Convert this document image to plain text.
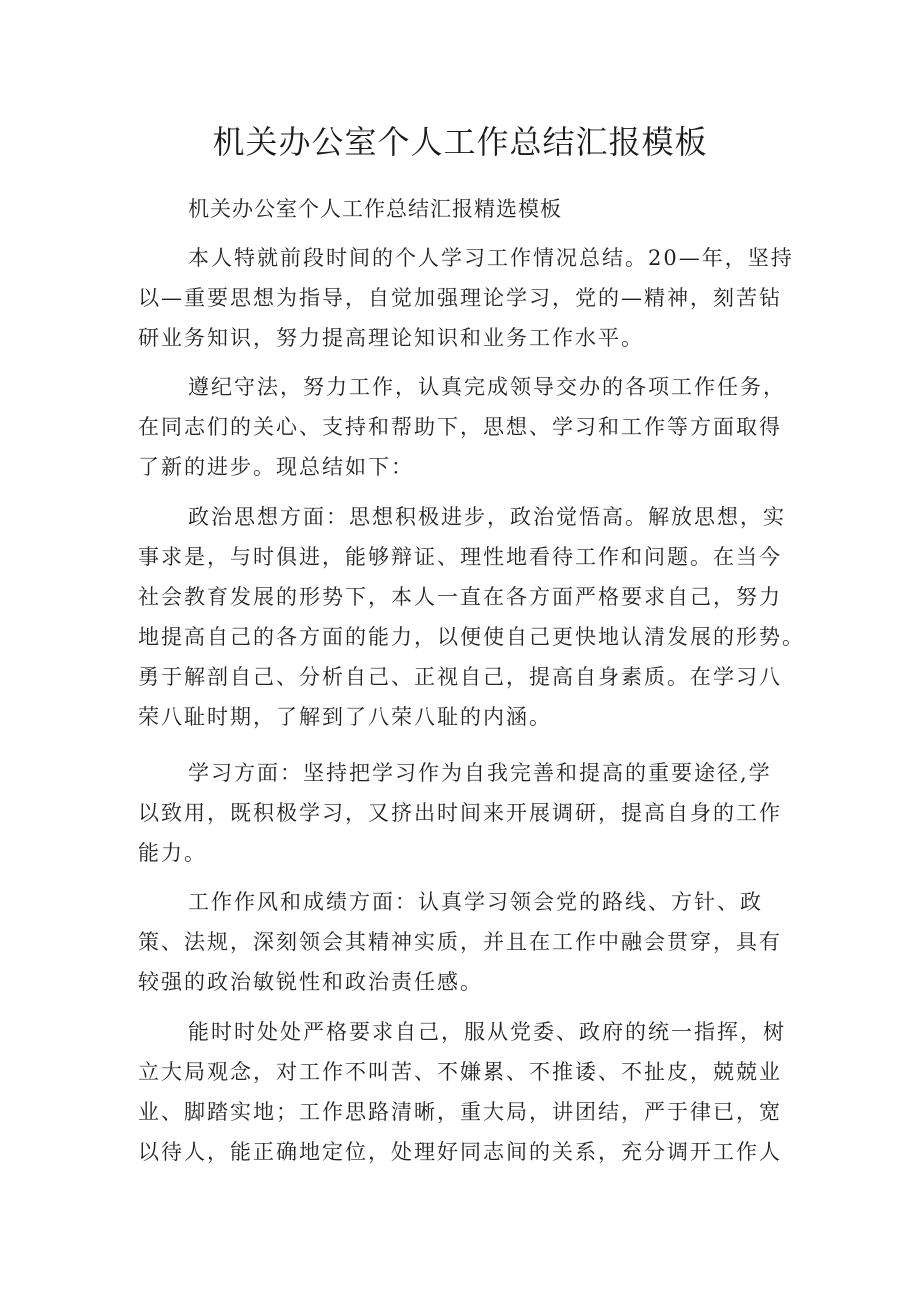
机关办公室个人工作总结汇报模板
机关办公室个人工作总结汇报精选模板
本人特就前段时间的个人学习工作情况总结。20—年，坚持
以—重要思想为指导，自觉加强理论学习，党的—精神，刻苦钻
研业务知识，努力提高理论知识和业务工作水平。
遵纪守法，努力工作，认真完成领导交办的各项工作任务，
在同志们的关心、支持和帮助下，思想、学习和工作等方面取得
了新的进步。现总结如下：
政治思想方面：思想积极进步，政治觉悟高。解放思想，实
事求是，与时俱进，能够辩证、理性地看待工作和问题。在当今
社会教育发展的形势下，本人一直在各方面严格要求自己，努力
地提高自己的各方面的能力，以便使自己更快地认清发展的形势。
勇于解剖自己、分析自己、正视自己，提高自身素质。在学习八
荣八耻时期，了解到了八荣八耻的内涵。
学习方面：坚持把学习作为自我完善和提高的重要途径,学
以致用，既积极学习，又挤出时间来开展调研，提高自身的工作
能力。
工作作风和成绩方面：认真学习领会党的路线、方针、政
策、法规，深刻领会其精神实质，并且在工作中融会贯穿，具有
较强的政治敏锐性和政治责任感。
能时时处处严格要求自己，服从党委、政府的统一指挥，树
立大局观念，对工作不叫苦、不嫌累、不推诿、不扯皮，兢兢业
业、脚踏实地；工作思路清晰，重大局，讲团结，严于律已，宽
以待人，能正确地定位，处理好同志间的关系，充分调开工作人
